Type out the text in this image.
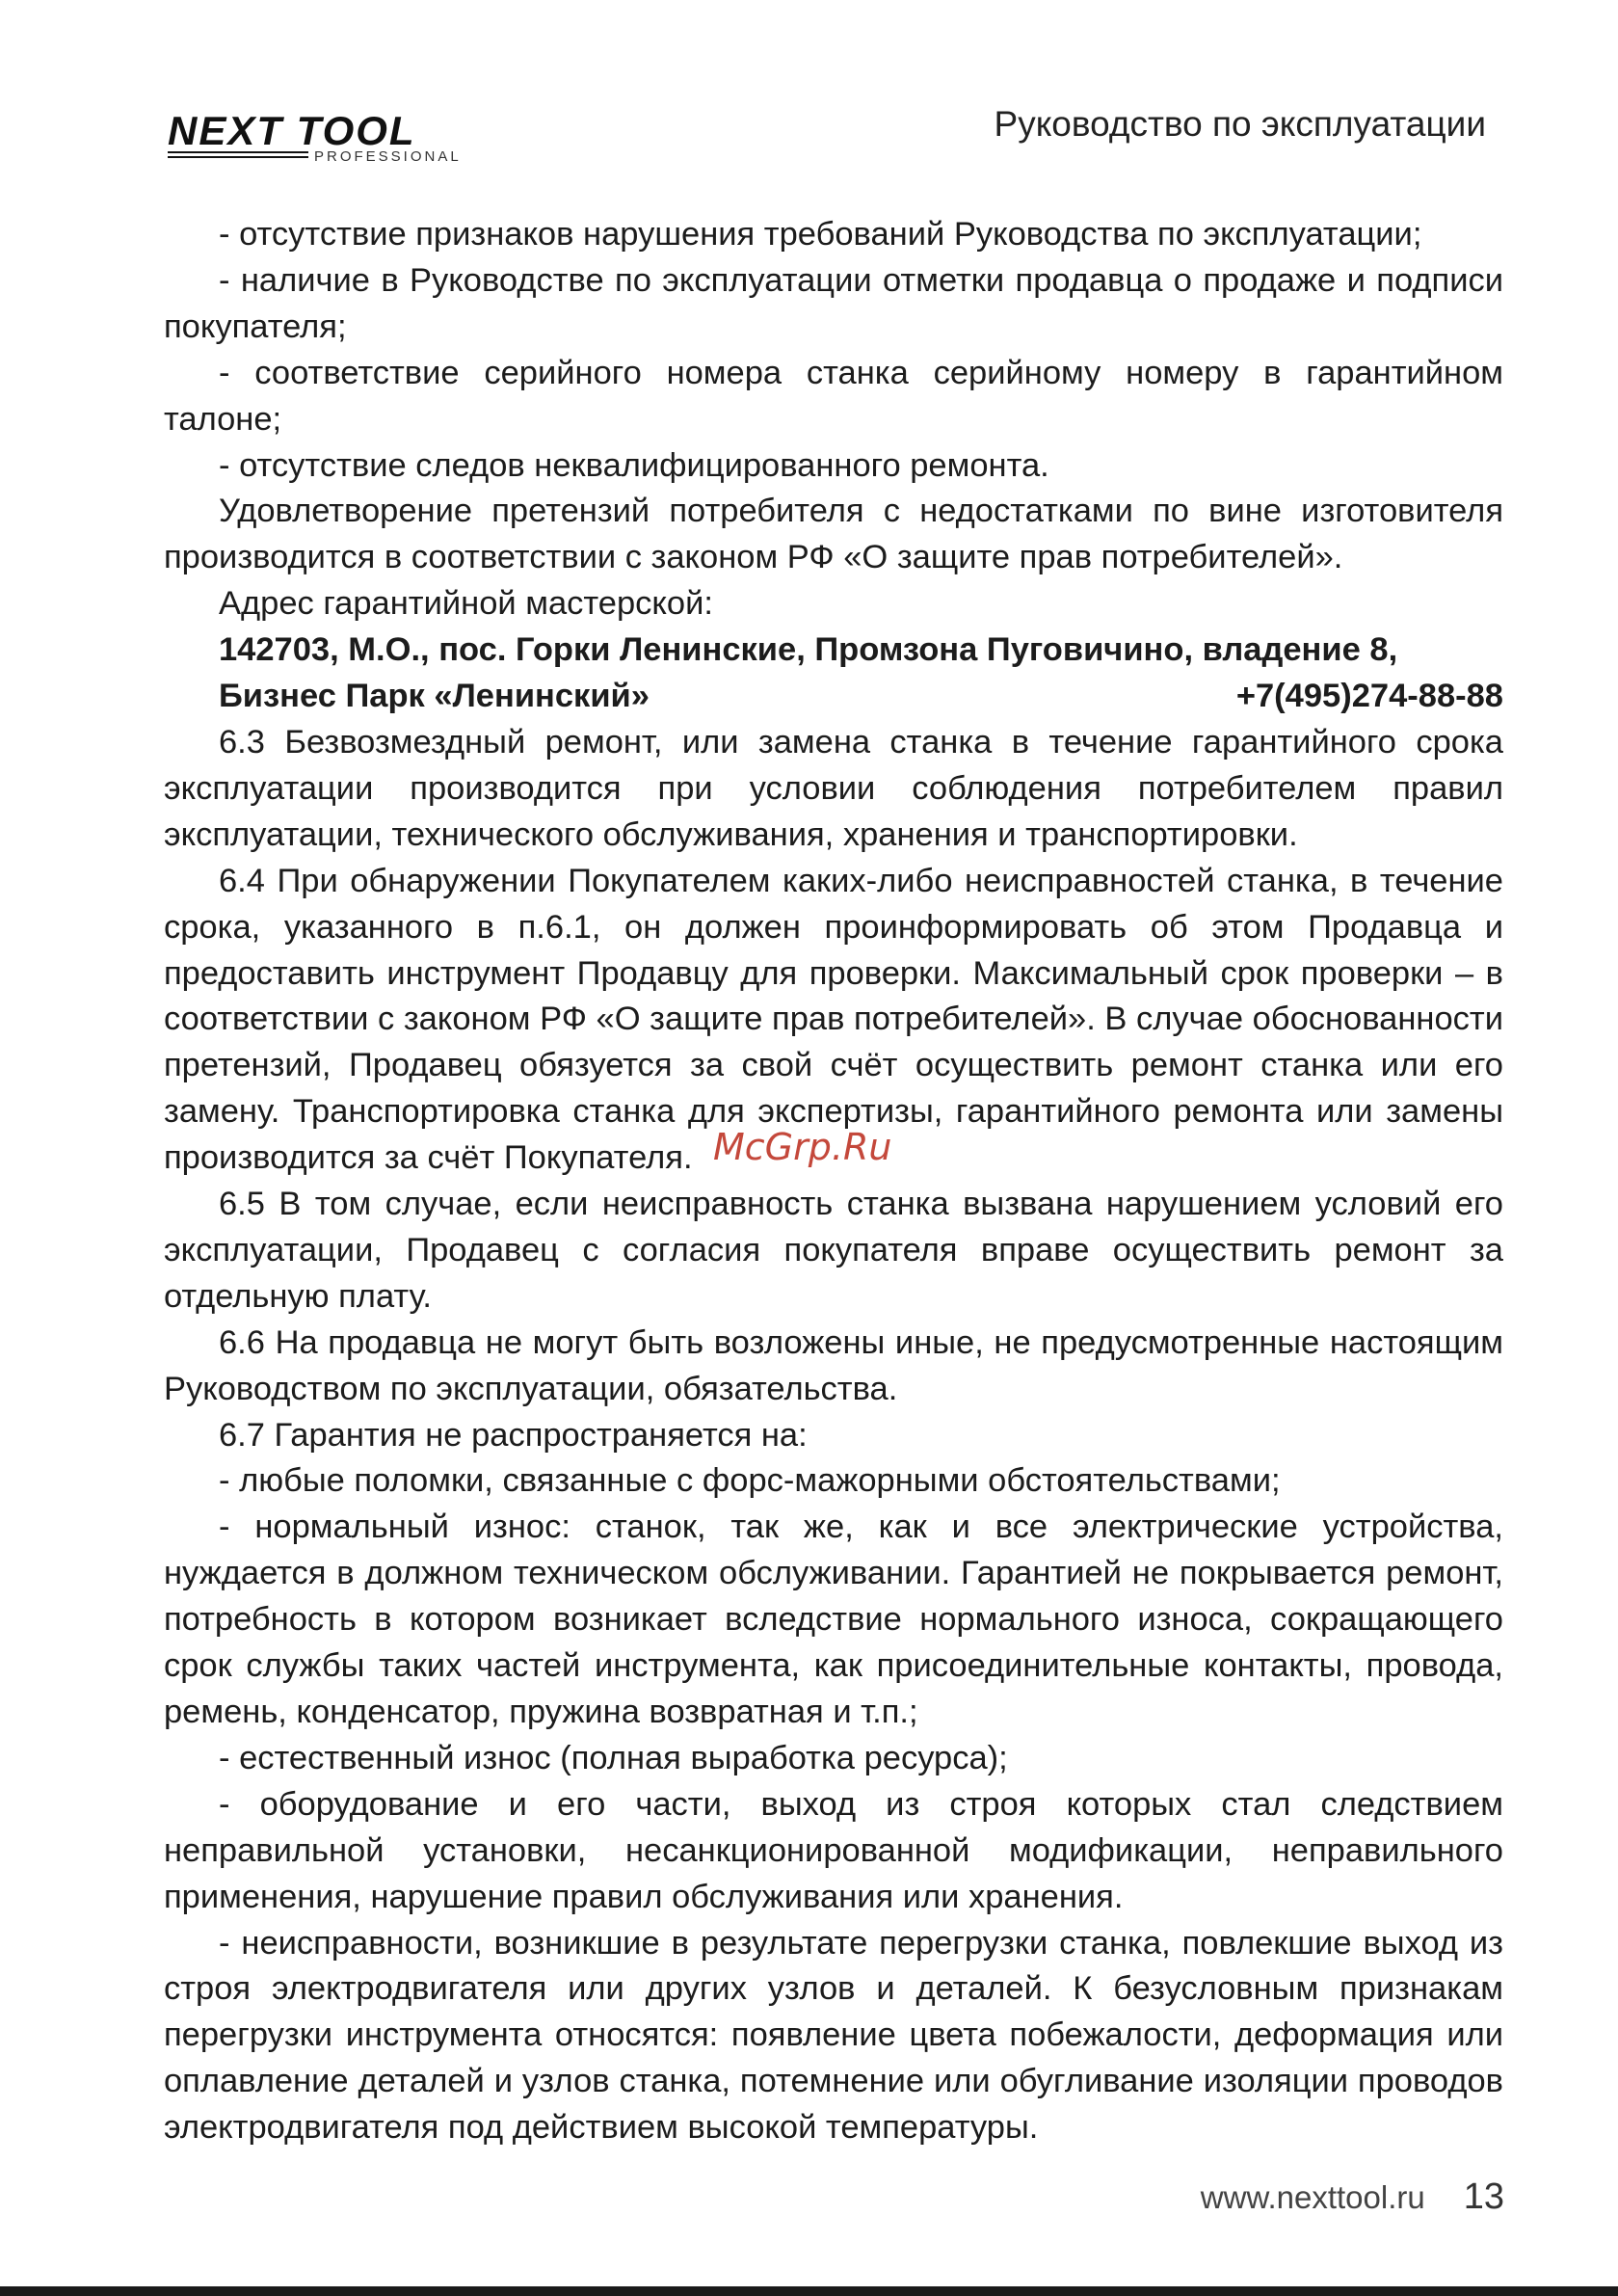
NEXT TOOL
PROFESSIONAL
Руководство по эксплуатации

- отсутствие признаков нарушения требований Руководства по эксплуатации;

- наличие в Руководстве по эксплуатации отметки продавца о продаже и подписи покупателя;

- соответствие серийного номера станка серийному номеру в гарантийном талоне;

- отсутствие следов неквалифицированного ремонта.

Удовлетворение претензий потребителя с недостатками по вине изготовителя производится в соответствии с законом РФ «О защите прав потребителей».

Адрес гарантийной мастерской:

142703, М.О., пос. Горки Ленинские, Промзона Пуговичино, владение 8,

Бизнес Парк «Ленинский»	+7(495)274-88-88

6.3 Безвозмездный ремонт, или замена станка в течение гарантийного срока эксплуатации производится при условии соблюдения потребителем правил эксплуатации, технического обслуживания, хранения и транспортировки.

6.4 При обнаружении Покупателем каких-либо неисправностей станка, в течение срока, указанного в п.6.1, он должен проинформировать об этом Продавца и предоставить инструмент Продавцу для проверки. Максимальный срок проверки – в соответствии с законом РФ «О защите прав потребителей». В случае обоснованности претензий, Продавец обязуется за свой счёт осуществить ремонт станка или его замену. Транспортировка станка для экспертизы, гарантийного ремонта или замены производится за счёт Покупателя.

6.5 В том случае, если неисправность станка вызвана нарушением условий его эксплуатации, Продавец с согласия покупателя вправе осуществить ремонт за отдельную плату.

6.6 На продавца не могут быть возложены иные, не предусмотренные настоящим Руководством по эксплуатации, обязательства.

6.7 Гарантия не распространяется на:

- любые поломки, связанные с форс-мажорными обстоятельствами;

- нормальный износ: станок, так же, как и все электрические устройства, нуждается в должном техническом обслуживании. Гарантией не покрывается ремонт, потребность в котором возникает вследствие нормального износа, сокращающего срок службы таких частей инструмента, как присоединительные контакты, провода, ремень, конденсатор, пружина возвратная и т.п.;

- естественный износ (полная выработка ресурса);

- оборудование и его части, выход из строя которых стал следствием неправильной установки, несанкционированной модификации, неправильного применения, нарушение правил обслуживания или хранения.

- неисправности, возникшие в результате перегрузки станка, повлекшие выход из строя электродвигателя или других узлов и деталей. К безусловным признакам перегрузки инструмента относятся: появление цвета побежалости, деформация или оплавление деталей и узлов станка, потемнение или обугливание изоляции проводов электродвигателя под действием высокой температуры.

McGrp.Ru
www.nexttool.ru 13
